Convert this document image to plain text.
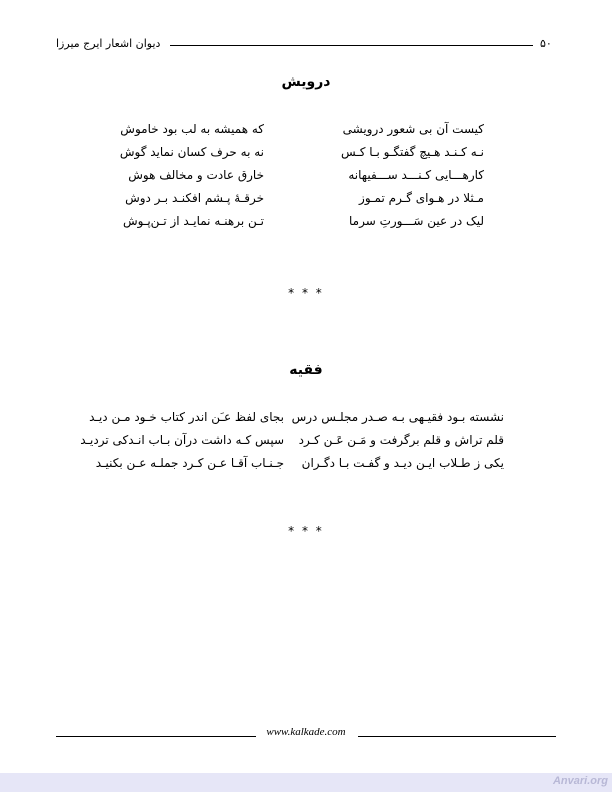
دیوان اشعار ایرج میرزا	۵۰
درویش
کیست آن بی شعور درویشی
نـه کـنـد هـیچ گفتگـو بـا کـس
کارهـــایی کـنـــد ســـفیهانه
مـثلا در هـوای گـرم تمـوز
لیک در عین سَـــورتِ سرما
که همیشه به لب بود خاموش
نه به حرف کسان نماید گوش
خارق عادت و مخالف هوش
خرقـۀ پـشم افکنـد بـر دوش
تـن برهنـه نمایـد از تـن‌پـوش
* * *
فقیه
نشسته بـود فقیـهی بـه صـدر مجلـس درس
قلم تراش و قلم برگرفت و مَـن عَـن کـرد
یکی ز طـلاب ایـن دیـد و گفـت بـا دگـران
بجای لفظ عـَن اندر کتاب خـود مـن دیـد
سپس کـه داشت درآن بـاب انـدکی تردیـد
جـنـاب آقـا عـن کـرد جملـه عـن بکنیـد
* * *
www.kalkade.com
Anvari.org
